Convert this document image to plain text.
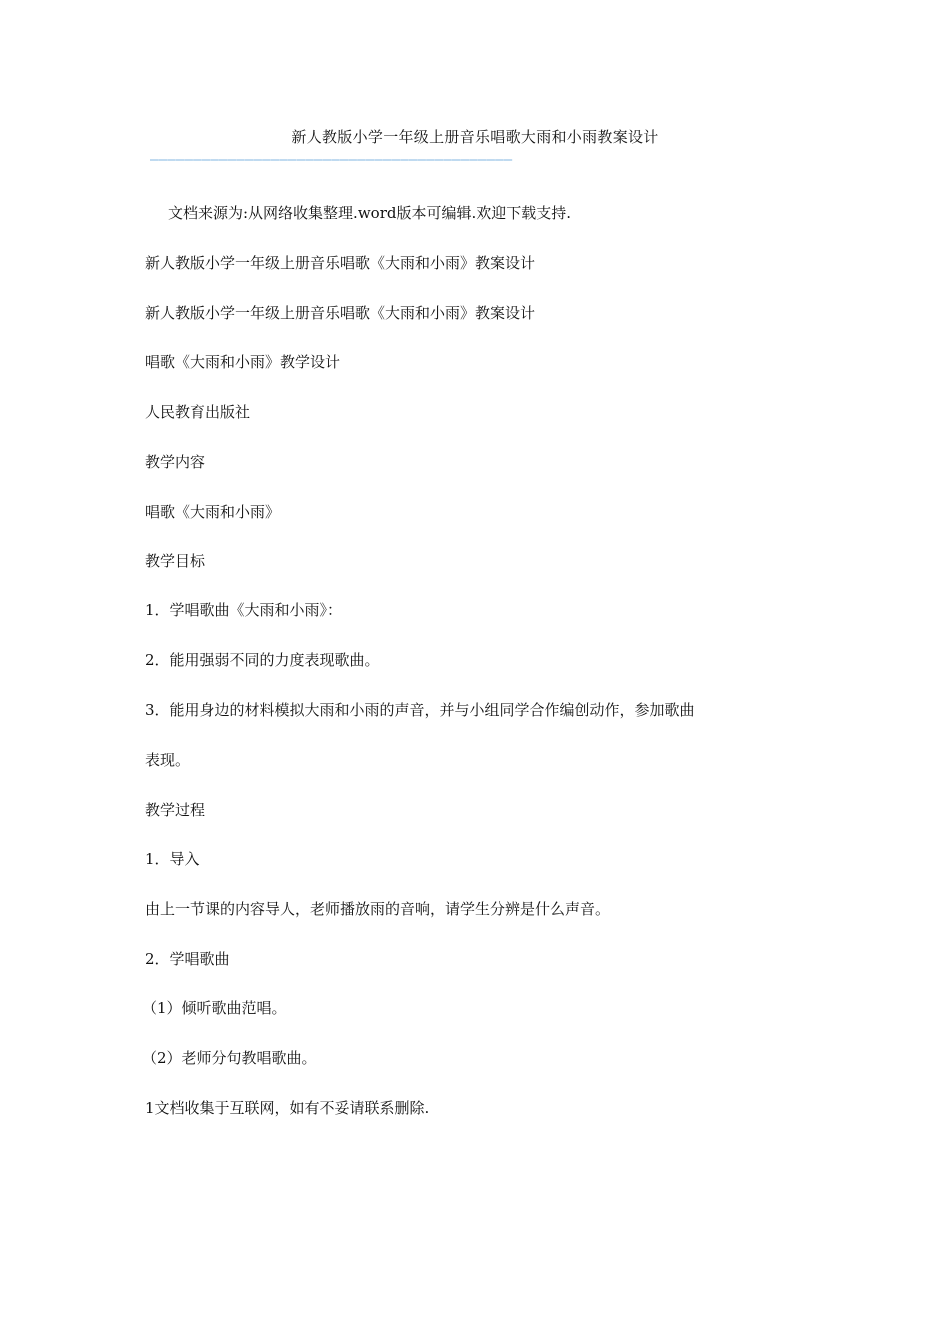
新人教版小学一年级上册音乐唱歌大雨和小雨教案设计
——————————————————————————————————————————
文档来源为:从网络收集整理.word版本可编辑.欢迎下载支持.
新人教版小学一年级上册音乐唱歌《大雨和小雨》教案设计
新人教版小学一年级上册音乐唱歌《大雨和小雨》教案设计
唱歌《大雨和小雨》教学设计
人民教育出版社
教学内容
唱歌《大雨和小雨》
教学目标
1．学唱歌曲《大雨和小雨》：
2．能用强弱不同的力度表现歌曲。
3．能用身边的材料模拟大雨和小雨的声音，并与小组同学合作编创动作，参加歌曲
表现。
教学过程
1．导入
由上一节课的内容导人，老师播放雨的音响，请学生分辨是什么声音。
2．学唱歌曲
（1）倾听歌曲范唱。
（2）老师分句教唱歌曲。
1文档收集于互联网，如有不妥请联系删除.
